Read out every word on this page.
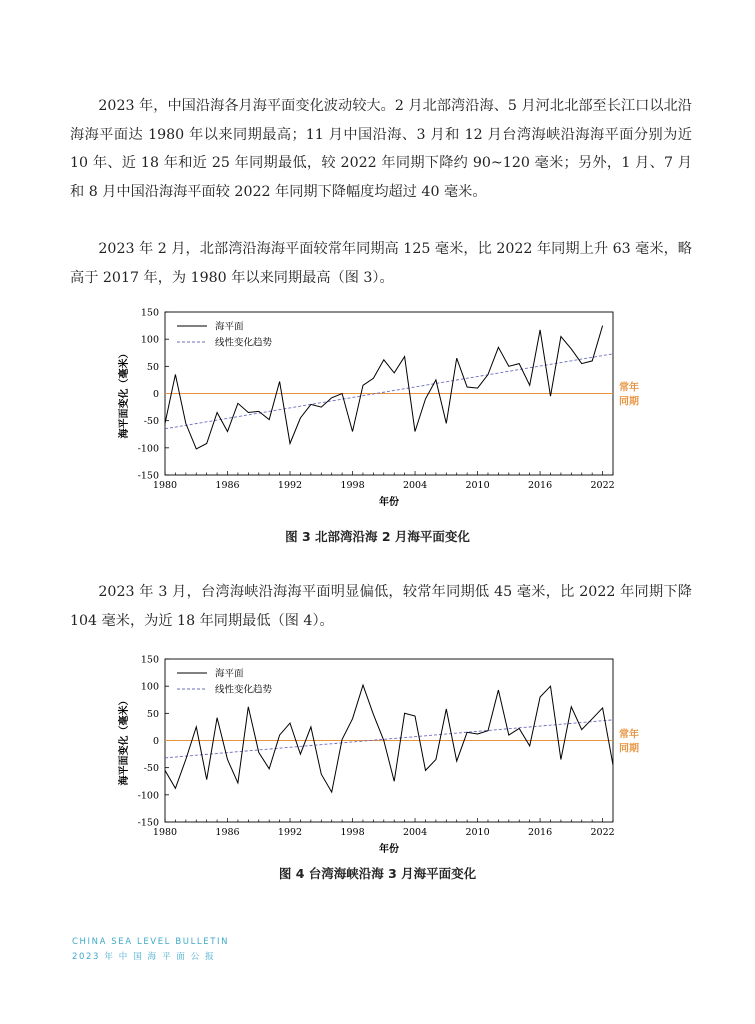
2023 年，中国沿海各月海平面变化波动较大。2 月北部湾沿海、5 月河北北部至长江口以北沿海海平面达 1980 年以来同期最高；11 月中国沿海、3 月和 12 月台湾海峡沿海海平面分别为近 10 年、近 18 年和近 25 年同期最低，较 2022 年同期下降约 90~120 毫米；另外，1 月、7 月和 8 月中国沿海海平面较 2022 年同期下降幅度均超过 40 毫米。

2023 年 2 月，北部湾沿海海平面较常年同期高 125 毫米，比 2022 年同期上升 63 毫米，略高于 2017 年，为 1980 年以来同期最高（图 3）。

-150
-100
-50
0
50
100
150
1980	1986	1992	1998	2004	2010	2016	2022
年份
海平面变化（毫米）	常年
同期
海平面
线性变化趋势
图 3 北部湾沿海 2 月海平面变化

2023 年 3 月，台湾海峡沿海海平面明显偏低，较常年同期低 45 毫米，比 2022 年同期下降 104 毫米，为近 18 年同期最低（图 4）。

-150
-100
-50
0
50
100
150
1980	1986	1992	1998	2004	2010	2016	2022
年份
海平面变化（毫米）	常年
同期
海平面
线性变化趋势
图 4 台湾海峡沿海 3 月海平面变化
CHINA SEA LEVEL BULLETIN
2023 年 中 国 海 平 面 公 报
